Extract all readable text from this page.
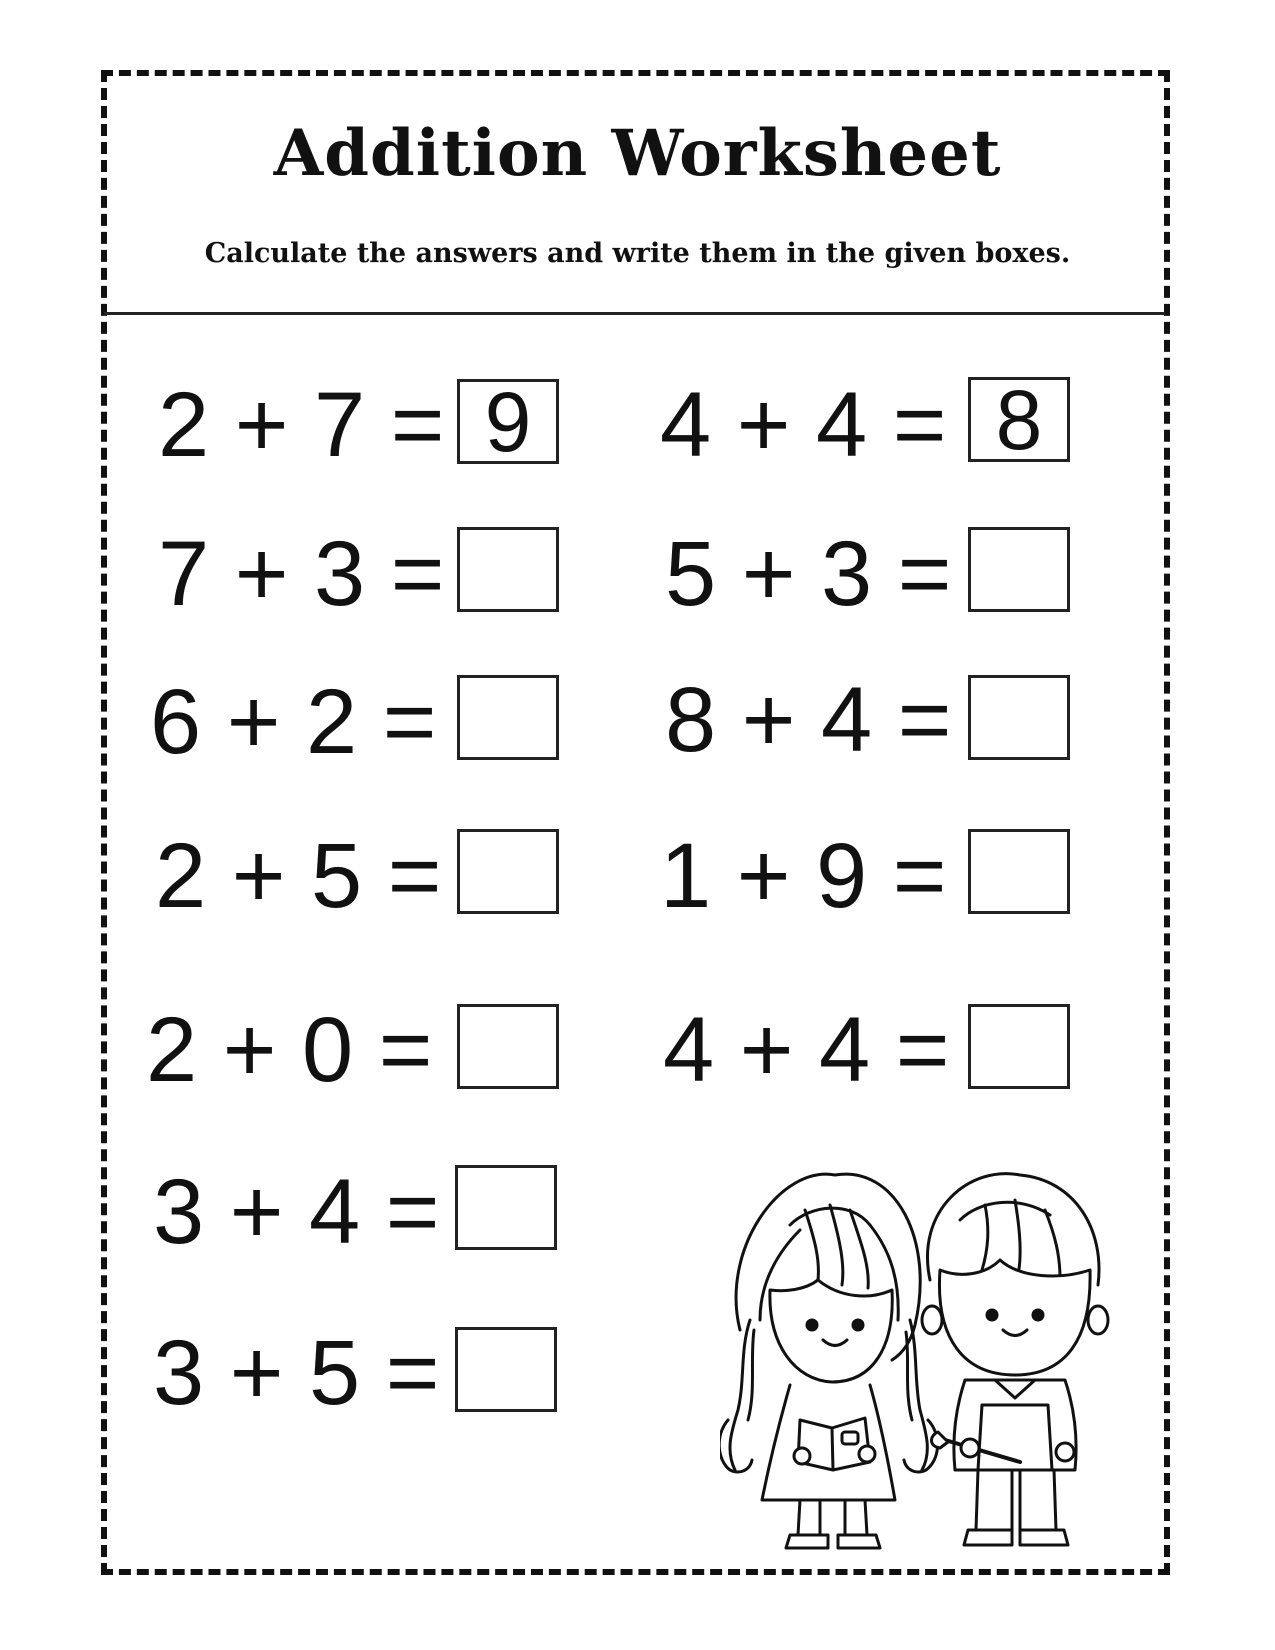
Addition Worksheet
Calculate the answers and write them in the given boxes.
2 + 7 = 9
7 + 3 =
6 + 2 =
2 + 5 =
2 + 0 =
3 + 4 =
3 + 5 =
4 + 4 = 8
5 + 3 =
8 + 4 =
1 + 9 =
4 + 4 =
